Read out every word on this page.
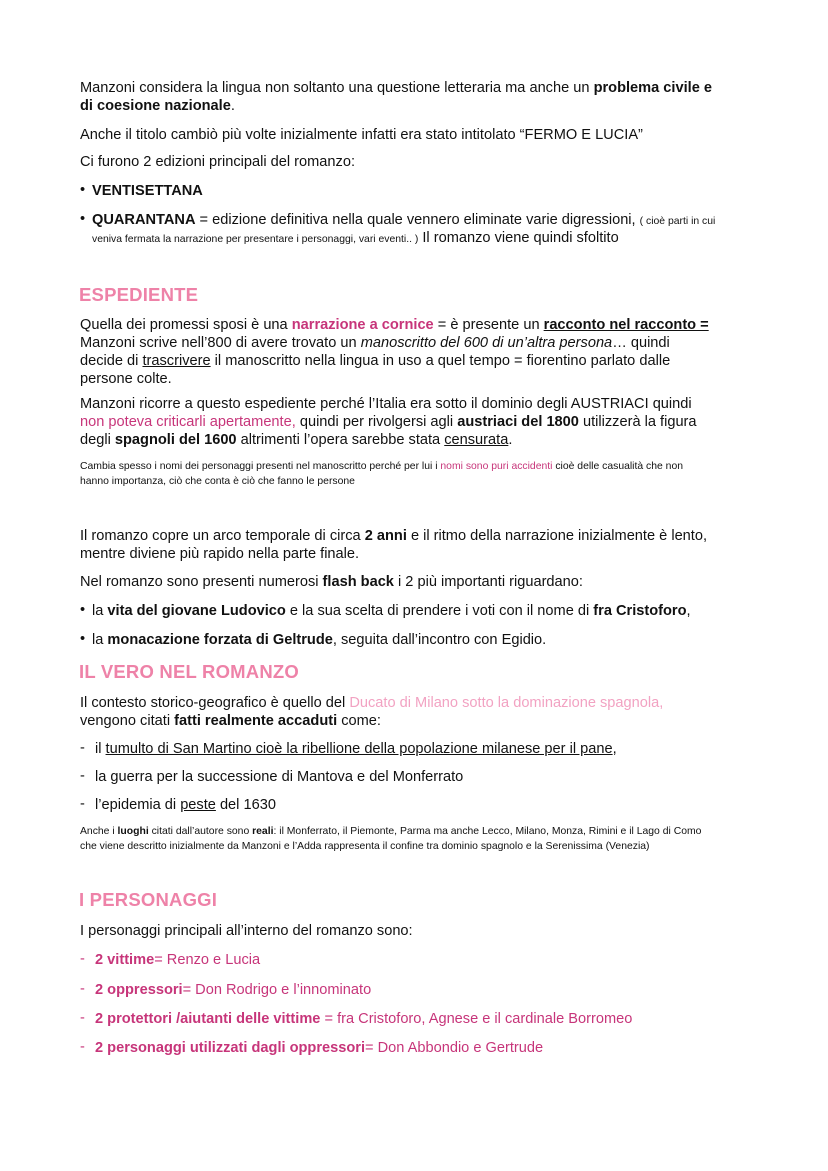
Manzoni considera la lingua non soltanto una questione letteraria ma anche un problema civile e
di coesione nazionale.

Anche il titolo cambiò più volte inizialmente infatti era stato intitolato “FERMO E LUCIA”

Ci furono 2 edizioni principali del romanzo:

• VENTISETTANA

• QUARANTANA = edizione definitiva nella quale vennero eliminate varie digressioni, ( cioè parti in cui
veniva fermata la narrazione per presentare i personaggi, vari eventi.. ) Il romanzo viene quindi sfoltito

ESPEDIENTE

Quella dei promessi sposi è una narrazione a cornice = è presente un racconto nel racconto =
Manzoni scrive nell’800 di avere trovato un manoscritto del 600 di un’altra persona… quindi
decide di trascrivere il manoscritto nella lingua in uso a quel tempo = fiorentino parlato dalle
persone colte.

Manzoni ricorre a questo espediente perché l’Italia era sotto il dominio degli AUSTRIACI quindi
non poteva criticarli apertamente, quindi per rivolgersi agli austriaci del 1800 utilizzerà la figura
degli spagnoli del 1600 altrimenti l’opera sarebbe stata censurata.

Cambia spesso i nomi dei personaggi presenti nel manoscritto perché per lui i nomi sono puri accidenti cioè delle casualità che non
hanno importanza, ciò che conta è ciò che fanno le persone

Il romanzo copre un arco temporale di circa 2 anni e il ritmo della narrazione inizialmente è lento,
mentre diviene più rapido nella parte finale.

Nel romanzo sono presenti numerosi flash back i 2 più importanti riguardano:

• la vita del giovane Ludovico e la sua scelta di prendere i voti con il nome di fra Cristoforo,

• la monacazione forzata di Geltrude, seguita dall’incontro con Egidio.

IL VERO NEL ROMANZO

Il contesto storico-geografico è quello del Ducato di Milano sotto la dominazione spagnola,
vengono citati fatti realmente accaduti come:

- il tumulto di San Martino cioè la ribellione della popolazione milanese per il pane,

- la guerra per la successione di Mantova e del Monferrato

- l’epidemia di peste del 1630

Anche i luoghi citati dall’autore sono reali: il Monferrato, il Piemonte, Parma ma anche Lecco, Milano, Monza, Rimini e il Lago di Como
che viene descritto inizialmente da Manzoni e l’Adda rappresenta il confine tra dominio spagnolo e la Serenissima (Venezia)

I PERSONAGGI

I personaggi principali all’interno del romanzo sono:

- 2 vittime= Renzo e Lucia

- 2 oppressori= Don Rodrigo e l’innominato

- 2 protettori /aiutanti delle vittime = fra Cristoforo, Agnese e il cardinale Borromeo

- 2 personaggi utilizzati dagli oppressori= Don Abbondio e Gertrude
